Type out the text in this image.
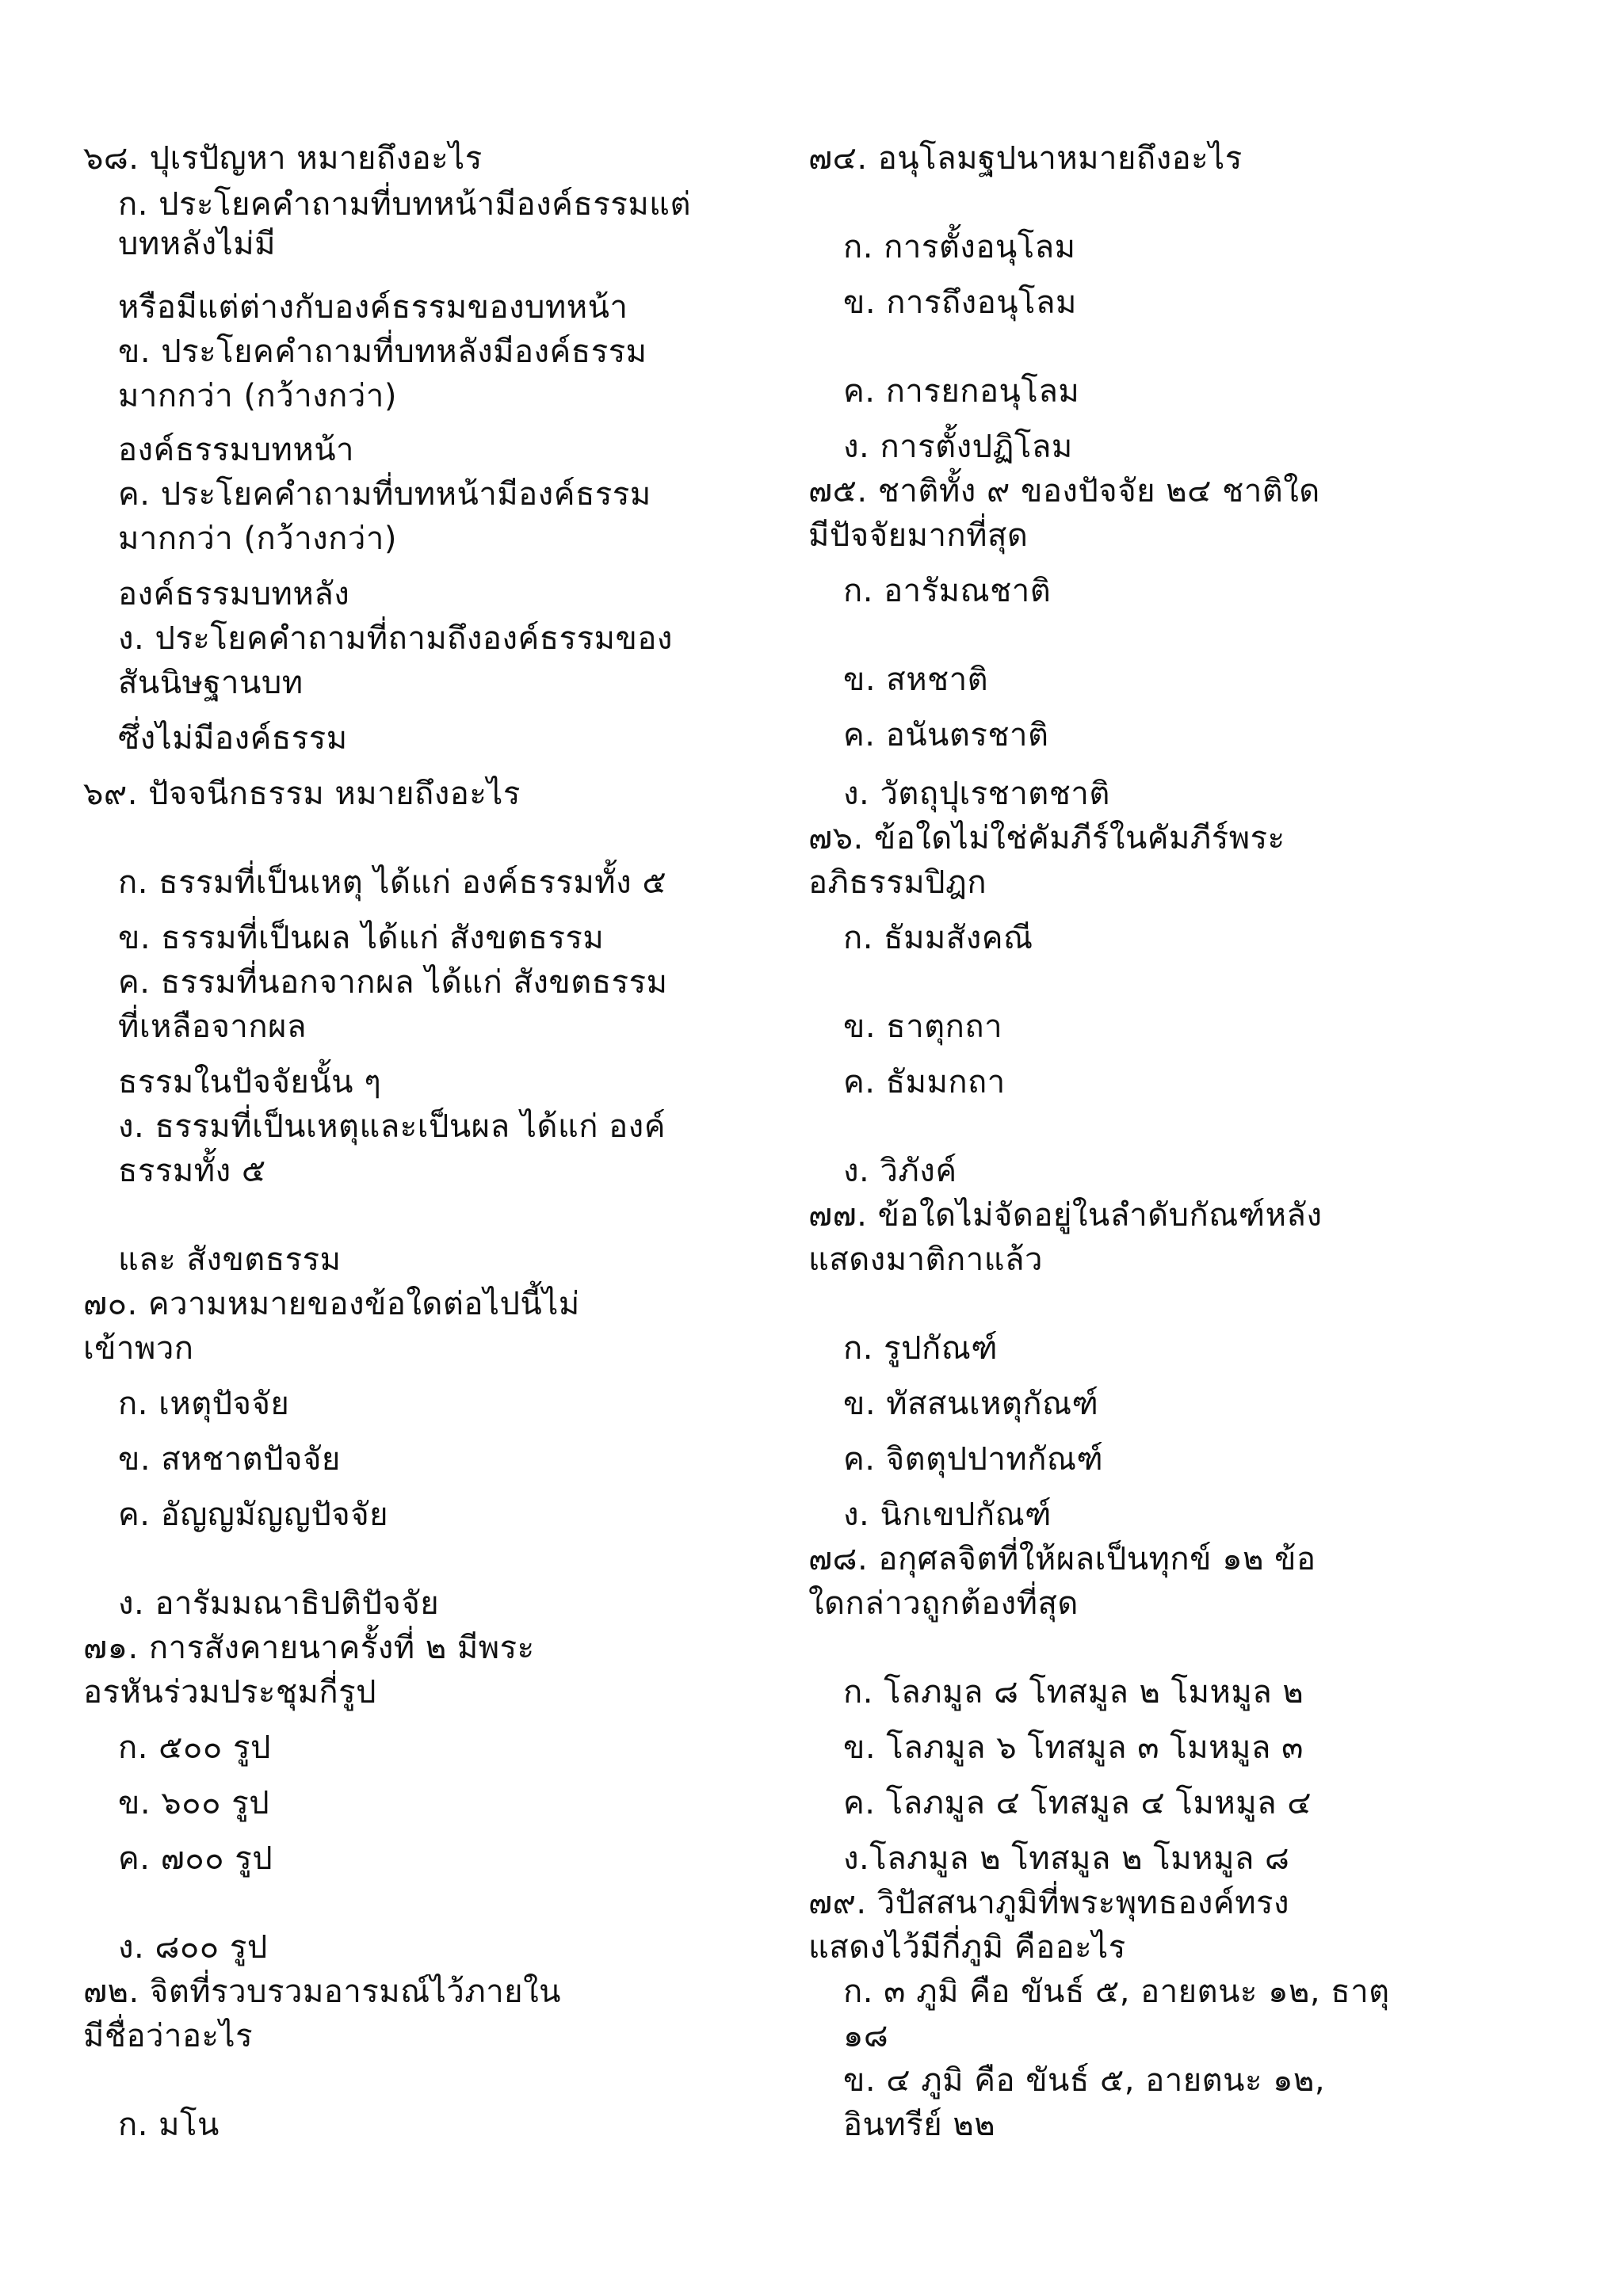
๖๘. ปุเรปัญหา หมายถึงอะไร
ก. ประโยคคำถามที่บทหน้ามีองค์ธรรมแต่
บทหลังไม่มี
หรือมีแต่ต่างกับองค์ธรรมของบทหน้า
ข. ประโยคคำถามที่บทหลังมีองค์ธรรม
มากกว่า (กว้างกว่า)
องค์ธรรมบทหน้า
ค. ประโยคคำถามที่บทหน้ามีองค์ธรรม
มากกว่า (กว้างกว่า)
องค์ธรรมบทหลัง
ง. ประโยคคำถามที่ถามถึงองค์ธรรมของ
สันนิษฐานบท
ซึ่งไม่มีองค์ธรรม
๖๙. ปัจจนีกธรรม หมายถึงอะไร
ก. ธรรมที่เป็นเหตุ ได้แก่ องค์ธรรมทั้ง ๕
ข. ธรรมที่เป็นผล ได้แก่ สังขตธรรม
ค. ธรรมที่นอกจากผล ได้แก่ สังขตธรรม
ที่เหลือจากผล
ธรรมในปัจจัยนั้น ๆ
ง. ธรรมที่เป็นเหตุและเป็นผล ได้แก่ องค์
ธรรมทั้ง ๕
และ สังขตธรรม
๗๐. ความหมายของข้อใดต่อไปนี้ไม่
เข้าพวก
ก. เหตุปัจจัย
ข. สหชาตปัจจัย
ค. อัญญมัญญปัจจัย
ง. อารัมมณาธิปติปัจจัย
๗๑. การสังคายนาครั้งที่ ๒ มีพระ
อรหันร่วมประชุมกี่รูป
ก. ๕๐๐ รูป
ข. ๖๐๐ รูป
ค. ๗๐๐ รูป
ง. ๘๐๐ รูป
๗๒. จิตที่รวบรวมอารมณ์ไว้ภายใน
มีชื่อว่าอะไร
ก. มโน
๗๔. อนุโลมฐปนาหมายถึงอะไร
ก. การตั้งอนุโลม
ข. การถึงอนุโลม
ค. การยกอนุโลม
ง. การตั้งปฏิโลม
๗๕. ชาติทั้ง ๙ ของปัจจัย ๒๔ ชาติใด
มีปัจจัยมากที่สุด
ก. อารัมณชาติ
ข. สหชาติ
ค. อนันตรชาติ
ง. วัตถุปุเรชาตชาติ
๗๖. ข้อใดไม่ใช่คัมภีร์ในคัมภีร์พระ
อภิธรรมปิฎก
ก. ธัมมสังคณี
ข. ธาตุกถา
ค. ธัมมกถา
ง. วิภังค์
๗๗. ข้อใดไม่จัดอยู่ในลำดับกัณฑ์หลัง
แสดงมาติกาแล้ว
ก. รูปกัณฑ์
ข. ทัสสนเหตุกัณฑ์
ค. จิตตุปปาทกัณฑ์
ง. นิกเขปกัณฑ์
๗๘. อกุศลจิตที่ให้ผลเป็นทุกข์ ๑๒ ข้อ
ใดกล่าวถูกต้องที่สุด
ก. โลภมูล ๘ โทสมูล ๒ โมหมูล ๒
ข. โลภมูล ๖ โทสมูล ๓ โมหมูล ๓
ค. โลภมูล ๔ โทสมูล ๔ โมหมูล ๔
ง.โลภมูล ๒ โทสมูล ๒ โมหมูล ๘
๗๙. วิปัสสนาภูมิที่พระพุทธองค์ทรง
แสดงไว้มีกี่ภูมิ คืออะไร
ก. ๓ ภูมิ คือ ขันธ์ ๕, อายตนะ ๑๒, ธาตุ
๑๘
ข. ๔ ภูมิ คือ ขันธ์ ๕, อายตนะ ๑๒,
อินทรีย์ ๒๒
